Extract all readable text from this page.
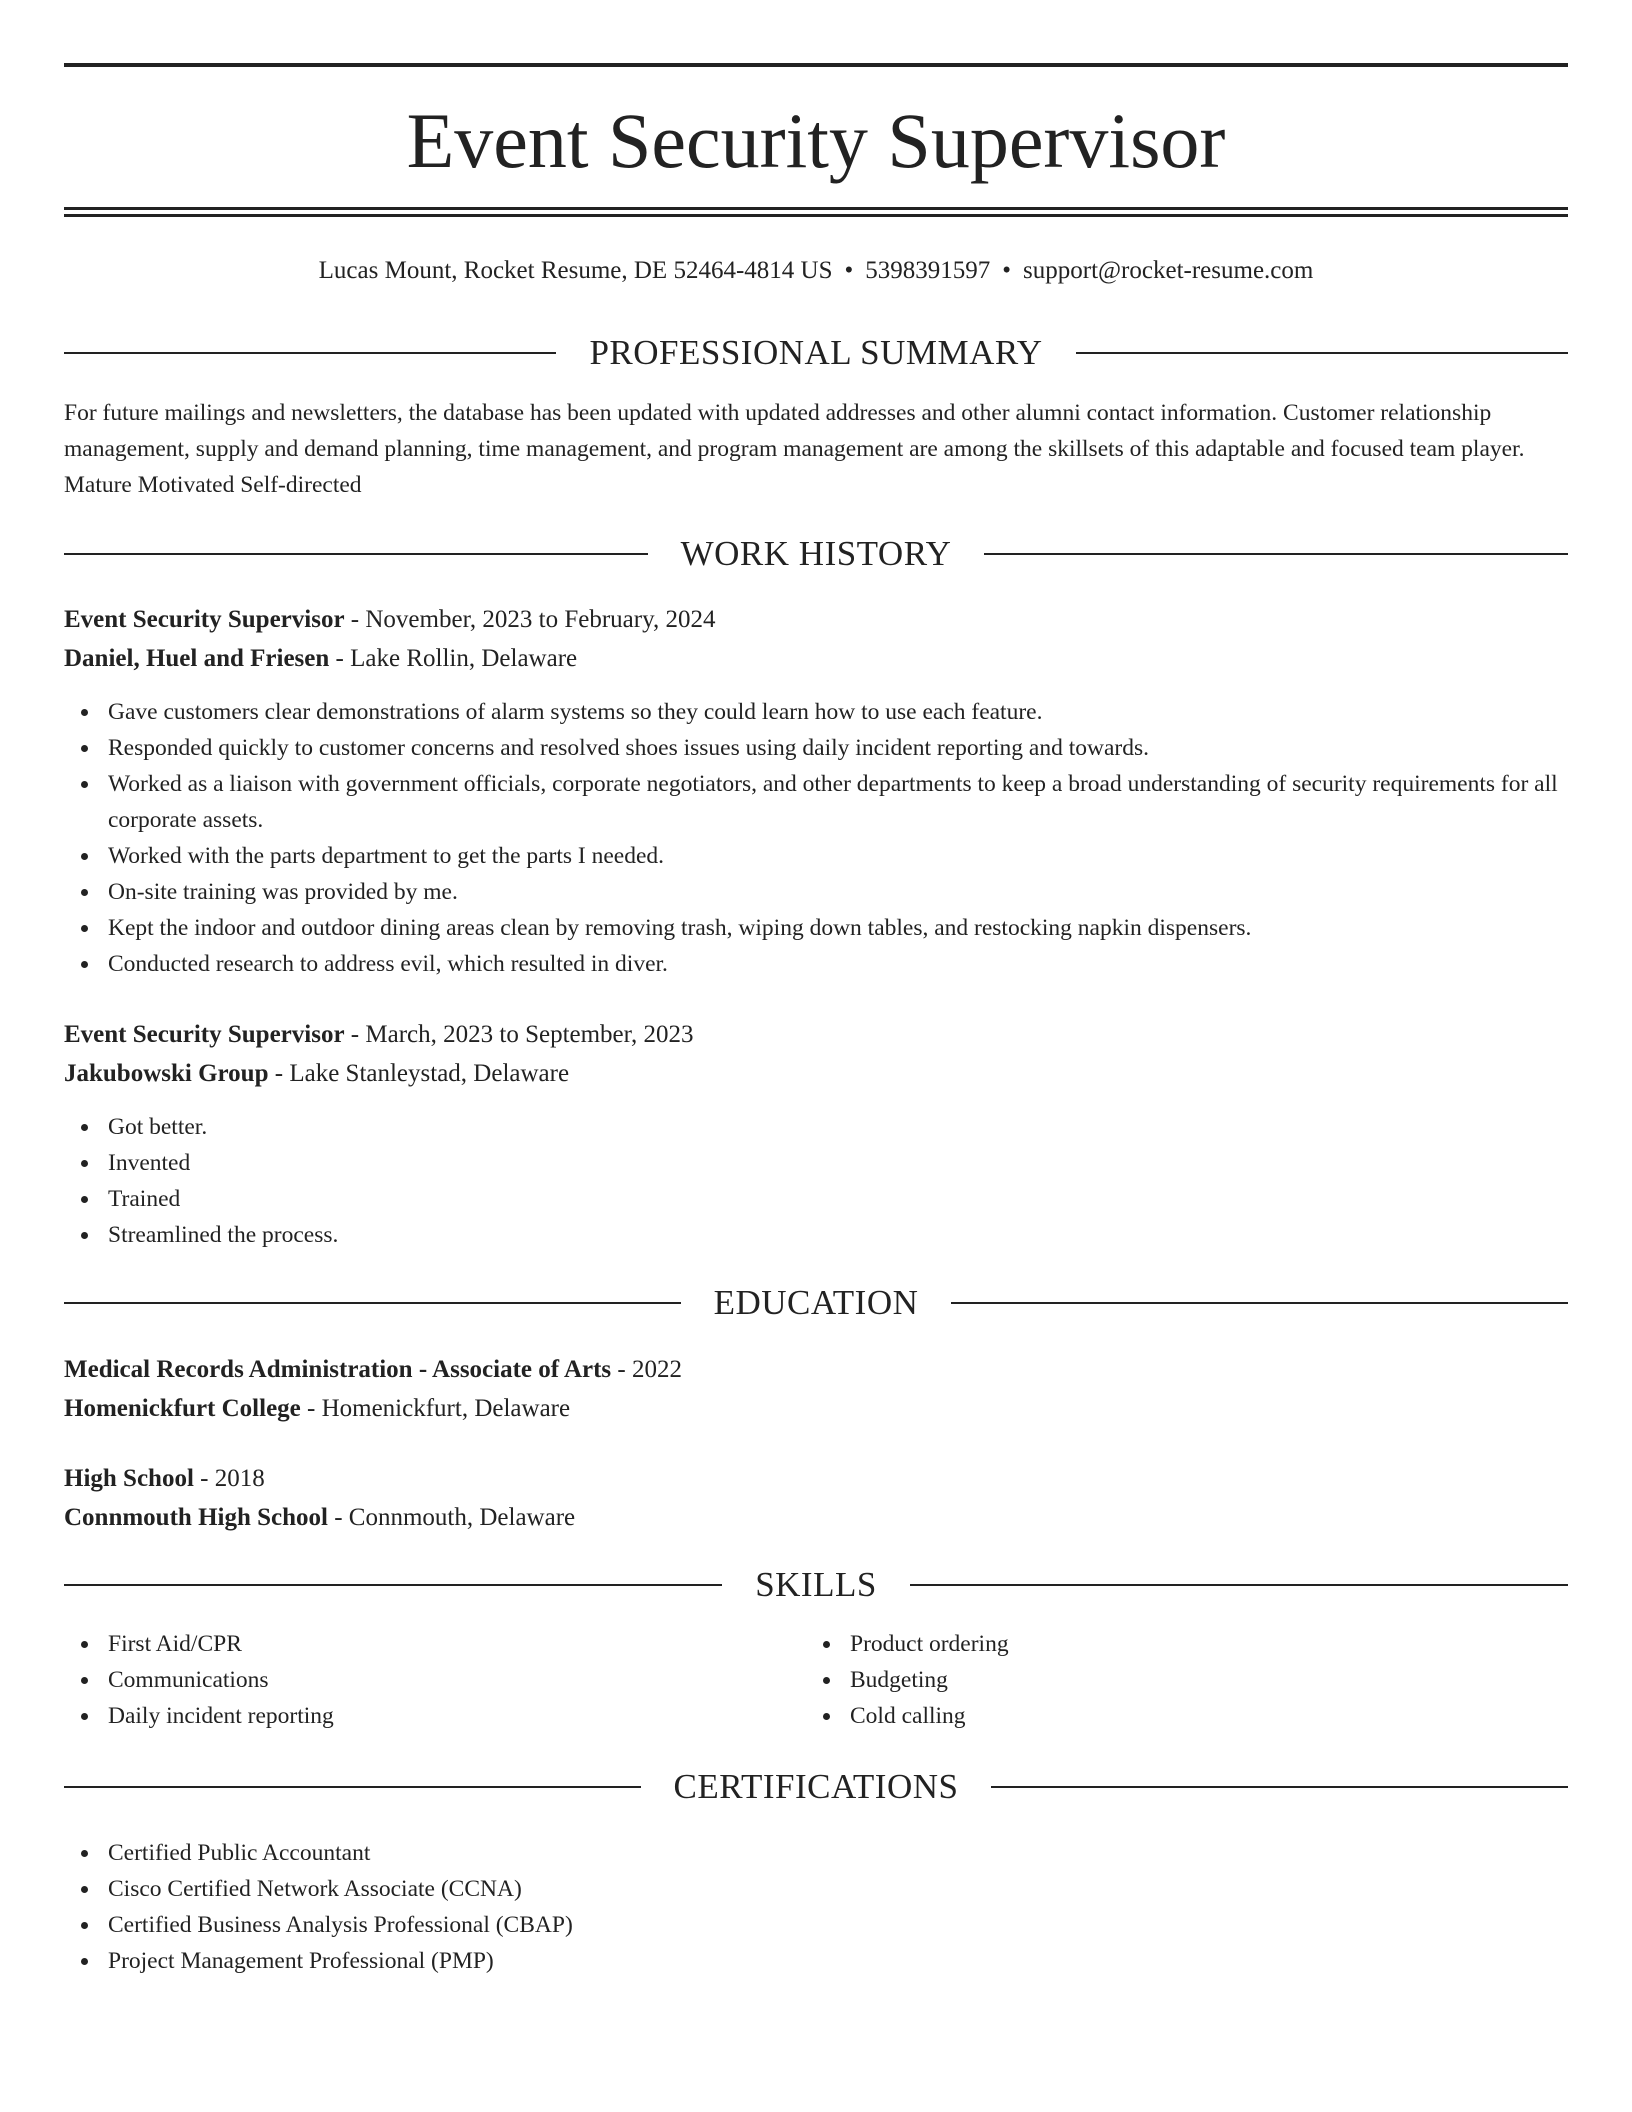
Event Security Supervisor
Lucas Mount, Rocket Resume, DE 52464-4814 US • 5398391597 • support@rocket-resume.com
PROFESSIONAL SUMMARY

For future mailings and newsletters, the database has been updated with updated addresses and other alumni contact information. Customer relationship management, supply and demand planning, time management, and program management are among the skillsets of this adaptable and focused team player. Mature Motivated Self-directed

WORK HISTORY

Event Security Supervisor - November, 2023 to February, 2024

Daniel, Huel and Friesen - Lake Rollin, Delaware

Gave customers clear demonstrations of alarm systems so they could learn how to use each feature.
Responded quickly to customer concerns and resolved shoes issues using daily incident reporting and towards.
Worked as a liaison with government officials, corporate negotiators, and other departments to keep a broad understanding of security requirements for all corporate assets.
Worked with the parts department to get the parts I needed.
On-site training was provided by me.
Kept the indoor and outdoor dining areas clean by removing trash, wiping down tables, and restocking napkin dispensers.
Conducted research to address evil, which resulted in diver.

Event Security Supervisor - March, 2023 to September, 2023

Jakubowski Group - Lake Stanleystad, Delaware

Got better.
Invented
Trained
Streamlined the process.
EDUCATION

Medical Records Administration - Associate of Arts - 2022

Homenickfurt College - Homenickfurt, Delaware

High School - 2018

Connmouth High School - Connmouth, Delaware

SKILLS
First Aid/CPR
Communications
Daily incident reporting
Product ordering
Budgeting
Cold calling
CERTIFICATIONS
Certified Public Accountant
Cisco Certified Network Associate (CCNA)
Certified Business Analysis Professional (CBAP)
Project Management Professional (PMP)
